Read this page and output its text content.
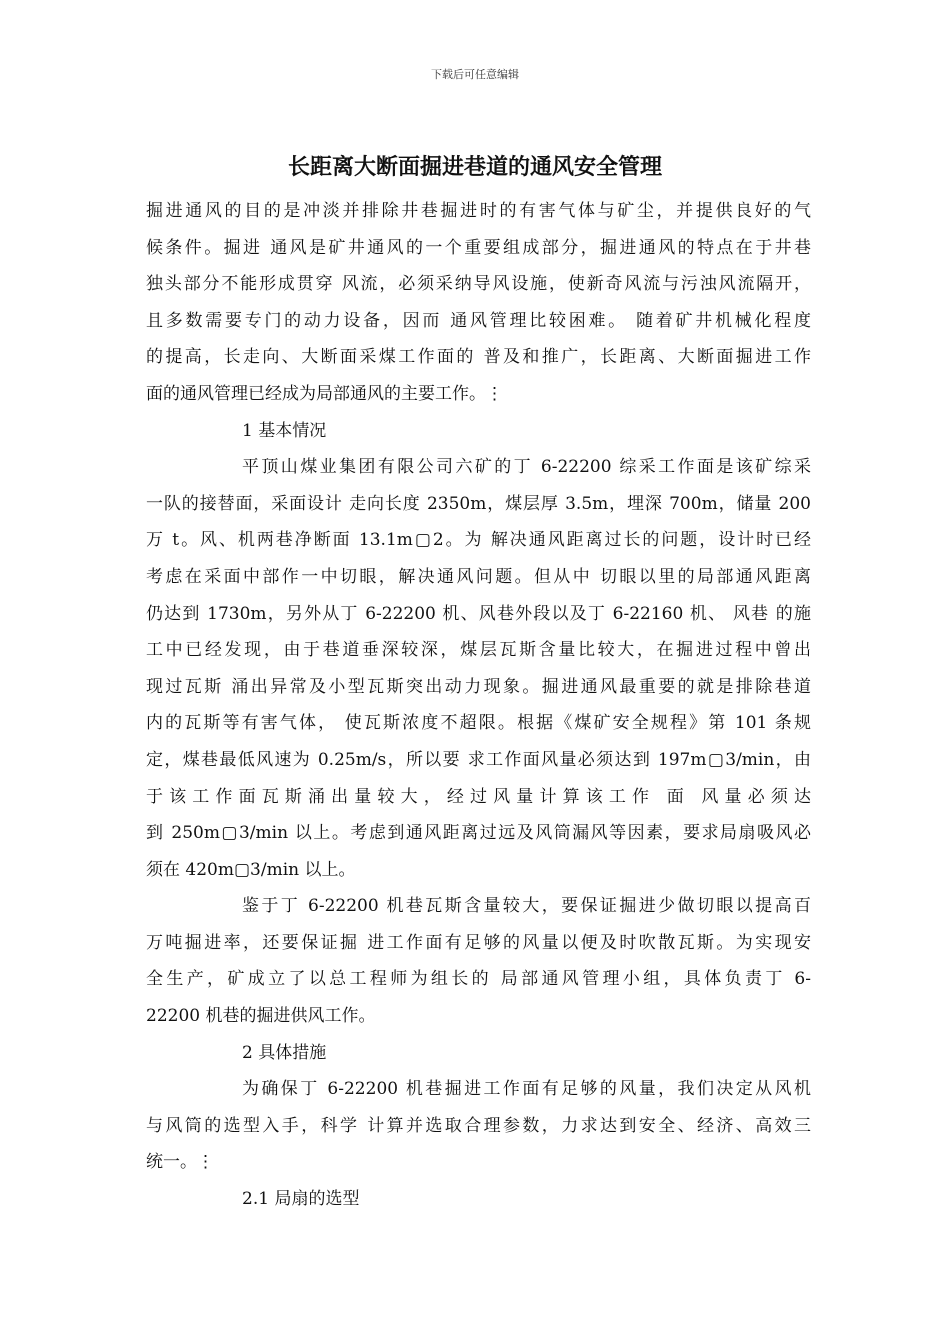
下载后可任意编辑
长距离大断面掘进巷道的通风安全管理
掘进通风的目的是冲淡并排除井巷掘进时的有害气体与矿尘，并提供良好的气
候条件。掘进 通风是矿井通风的一个重要组成部分，掘进通风的特点在于井巷
独头部分不能形成贯穿 风流，必须采纳导风设施，使新奇风流与污浊风流隔开，
且多数需要专门的动力设备，因而 通风管理比较困难。 随着矿井机械化程度
的提高，长走向、大断面采煤工作面的 普及和推广，长距离、大断面掘进工作
面的通风管理已经成为局部通风的主要工作。⋮
1 基本情况
平顶山煤业集团有限公司六矿的丁 6-22200 综采工作面是该矿综采
一队的接替面，采面设计 走向长度 2350m，煤层厚 3.5m，埋深 700m，储量 200
万 t。风、机两巷净断面 13.1m▢2。为 解决通风距离过长的问题，设计时已经
考虑在采面中部作一中切眼，解决通风问题。但从中 切眼以里的局部通风距离
仍达到 1730m，另外从丁 6-22200 机、风巷外段以及丁 6-22160 机、 风巷 的施
工中已经发现，由于巷道垂深较深，煤层瓦斯含量比较大，在掘进过程中曾出
现过瓦斯 涌出异常及小型瓦斯突出动力现象。掘进通风最重要的就是排除巷道
内的瓦斯等有害气体， 使瓦斯浓度不超限。根据《煤矿安全规程》第 101 条规
定，煤巷最低风速为 0.25m/s，所以要 求工作面风量必须达到 197m▢3/min，由
于该工作面瓦斯涌出量较大，经过风量计算该工作 面 风量必须达
到 250m▢3/min 以上。考虑到通风距离过远及风筒漏风等因素，要求局扇吸风必
须在 420m▢3/min 以上。
鉴于丁 6-22200 机巷瓦斯含量较大，要保证掘进少做切眼以提高百
万吨掘进率，还要保证掘 进工作面有足够的风量以便及时吹散瓦斯。为实现安
全生产，矿成立了以总工程师为组长的 局部通风管理小组，具体负责丁 6-
22200 机巷的掘进供风工作。
2 具体措施
为确保丁 6-22200 机巷掘进工作面有足够的风量，我们决定从风机
与风筒的选型入手，科学 计算并选取合理参数，力求达到安全、经济、高效三
统一。⋮
2.1 局扇的选型
